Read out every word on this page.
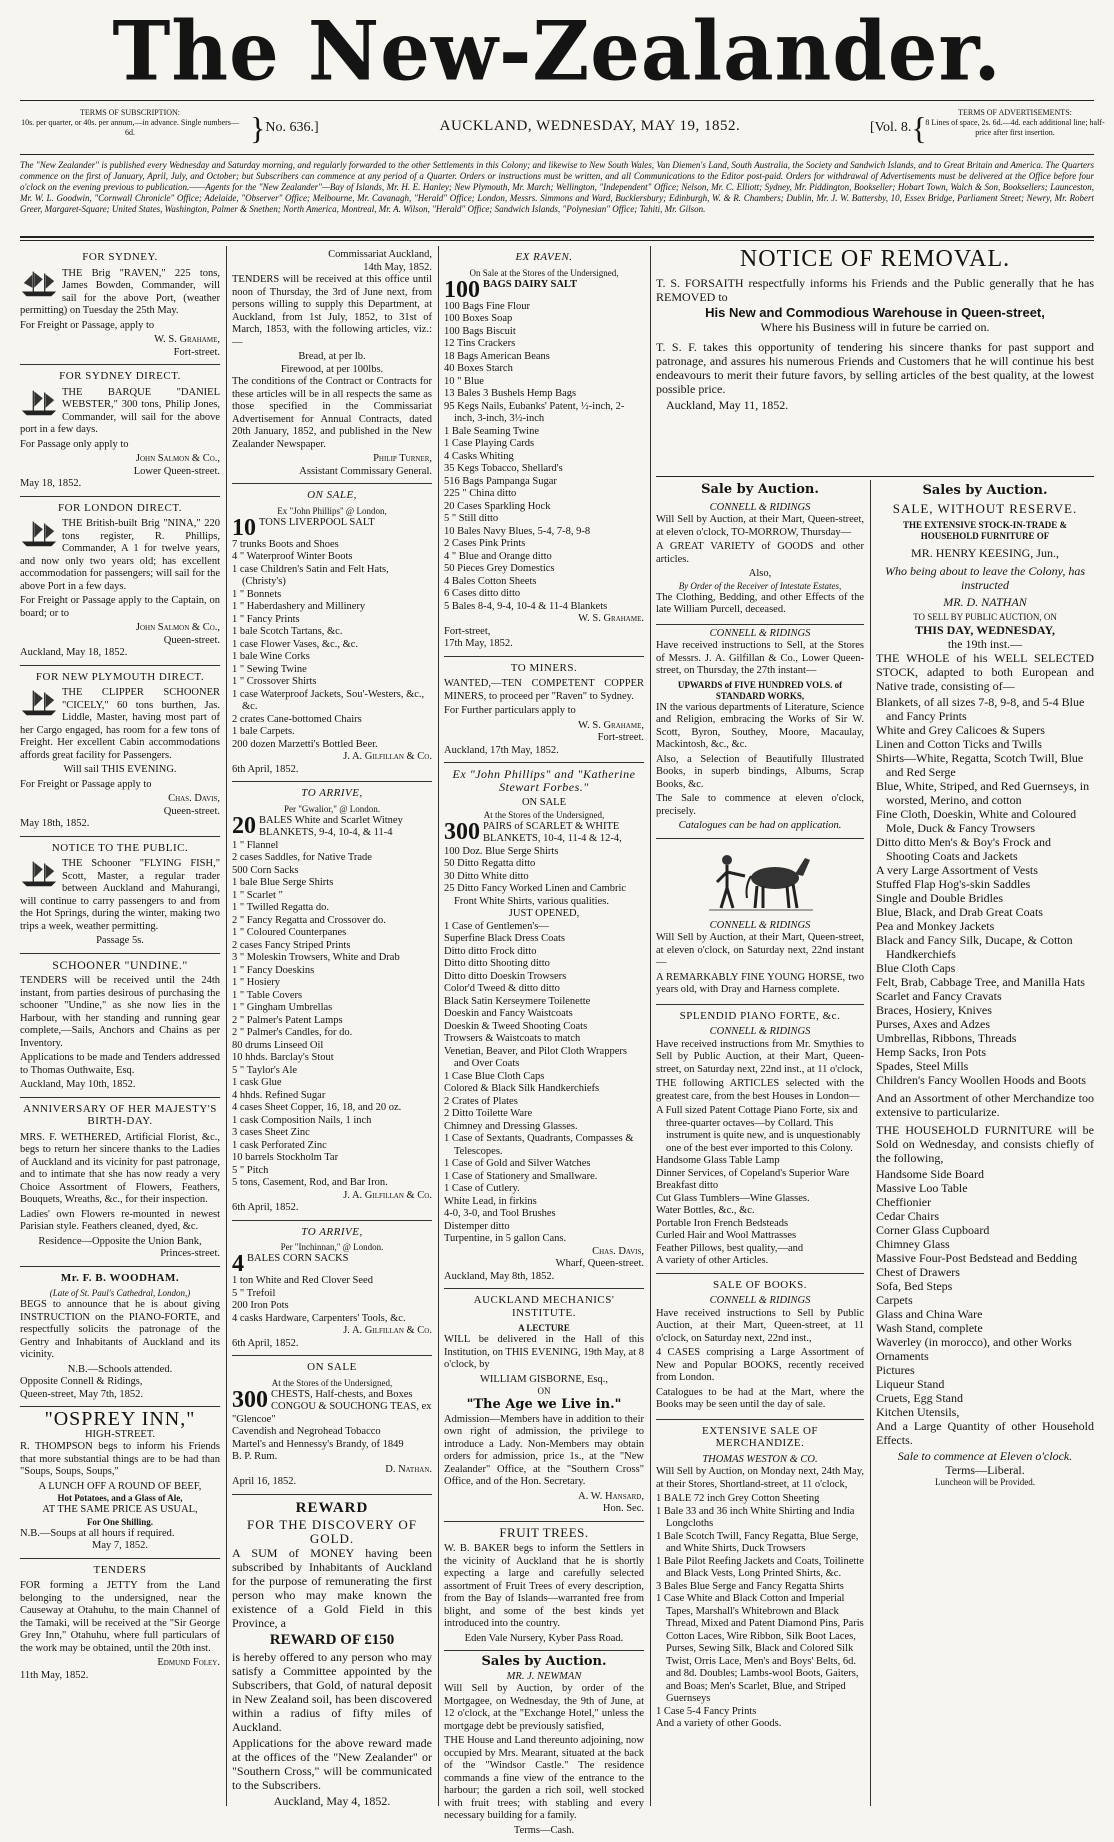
The New-Zealander.
TERMS OF SUBSCRIPTION:
10s. per quarter, or 40s. per annum,—in advance. Single numbers—6d.	}No. 636.]	AUCKLAND, WEDNESDAY, MAY 19, 1852.	[Vol. 8.{	TERMS OF ADVERTISEMENTS:
8 Lines of space, 2s. 6d.—4d. each additional line; half-price after first insertion.
The "New Zealander" is published every Wednesday and Saturday morning, and regularly forwarded to the other Settlements in this Colony; and likewise to New South Wales, Van Diemen's Land, South Australia, the Society and Sandwich Islands, and to Great Britain and America. The Quarters commence on the first of January, April, July, and October; but Subscribers can commence at any period of a Quarter. Orders or instructions must be written, and all Communications to the Editor post-paid. Orders for withdrawal of Advertisements must be delivered at the Office before four o'clock on the evening previous to publication.——Agents for the "New Zealander"—Bay of Islands, Mr. H. E. Hanley; New Plymouth, Mr. March; Wellington, "Independent" Office; Nelson, Mr. C. Elliott; Sydney, Mr. Piddington, Bookseller; Hobart Town, Walch & Son, Booksellers; Launceston, Mr. W. L. Goodwin, "Cornwall Chronicle" Office; Adelaide, "Observer" Office; Melbourne, Mr. Cavanagh, "Herald" Office; London, Messrs. Simmons and Ward, Bucklersbury; Edinburgh, W. & R. Chambers; Dublin, Mr. J. W. Battersby, 10, Essex Bridge, Parliament Street; Newry, Mr. Robert Greer, Margaret-Square; United States, Washington, Palmer & Snethen; North America, Montreal, Mr. A. Wilson, "Herald" Office; Sandwich Islands, "Polynesian" Office; Tahiti, Mr. Gilson.
FOR SYDNEY.

THE Brig "RAVEN," 225 tons, James Bowden, Commander, will sail for the above Port, (weather permitting) on Tuesday the 25th May.

For Freight or Passage, apply to

W. S. Grahame,
Fort-street.
FOR SYDNEY DIRECT.

THE BARQUE "DANIEL WEBSTER," 300 tons, Philip Jones, Commander, will sail for the above port in a few days.

For Passage only apply to

John Salmon & Co.,
Lower Queen-street.
May 18, 1852.
FOR LONDON DIRECT.

THE British-built Brig "NINA," 220 tons register, R. Phillips, Commander, A 1 for twelve years, and now only two years old; has excellent accommodation for passengers; will sail for the above Port in a few days.

For Freight or Passage apply to the Captain, on board; or to

John Salmon & Co.,
Queen-street.
Auckland, May 18, 1852.
FOR NEW PLYMOUTH DIRECT.

THE CLIPPER SCHOONER "CICELY," 60 tons burthen, Jas. Liddle, Master, having most part of her Cargo engaged, has room for a few tons of Freight. Her excellent Cabin accommodations affords great facility for Passengers.

Will sail THIS EVENING.

For Freight or Passage apply to

Chas. Davis,
Queen-street.
May 18th, 1852.
NOTICE TO THE PUBLIC.

THE Schooner "FLYING FISH," Scott, Master, a regular trader between Auckland and Mahurangi, will continue to carry passengers to and from the Hot Springs, during the winter, making two trips a week, weather permitting.

Passage 5s.
SCHOONER "UNDINE."

TENDERS will be received until the 24th instant, from parties desirous of purchasing the schooner "Undine," as she now lies in the Harbour, with her standing and running gear complete,—Sails, Anchors and Chains as per Inventory.

Applications to be made and Tenders addressed to Thomas Outhwaite, Esq.

Auckland, May 10th, 1852.
ANNIVERSARY OF HER MAJESTY'S BIRTH-DAY.

MRS. F. WETHERED, Artificial Florist, &c., begs to return her sincere thanks to the Ladies of Auckland and its vicinity for past patronage, and to intimate that she has now ready a very Choice Assortment of Flowers, Feathers, Bouquets, Wreaths, &c., for their inspection.

Ladies' own Flowers re-mounted in newest Parisian style. Feathers cleaned, dyed, &c.

Residence—Opposite the Union Bank,
Princes-street.
Mr. F. B. WOODHAM.
(Late of St. Paul's Cathedral, London,)

BEGS to announce that he is about giving INSTRUCTION on the PIANO-FORTE, and respectfully solicits the patronage of the Gentry and Inhabitants of Auckland and its vicinity.

N.B.—Schools attended.
Opposite Connell & Ridings,
Queen-street, May 7th, 1852.
"OSPREY INN,"
HIGH-STREET.

R. THOMPSON begs to inform his Friends that more substantial things are to be had than "Soups, Soups, Soups,"

A LUNCH OFF A ROUND OF BEEF,
Hot Potatoes, and a Glass of Ale,
AT THE SAME PRICE AS USUAL,
For One Shilling.
N.B.—Soups at all hours if required.
May 7, 1852.
TENDERS

FOR forming a JETTY from the Land belonging to the undersigned, near the Causeway at Otahuhu, to the main Channel of the Tamaki, will be received at the "Sir George Grey Inn," Otahuhu, where full particulars of the work may be obtained, until the 20th inst.

Edmund Foley.
11th May, 1852.
Commissariat Auckland,
14th May, 1852.

TENDERS will be received at this office until noon of Thursday, the 3rd of June next, from persons willing to supply this Department, at Auckland, from 1st July, 1852, to 31st of March, 1853, with the following articles, viz.:—

Bread, at per lb.
Firewood, at per 100lbs.

The conditions of the Contract or Contracts for these articles will be in all respects the same as those specified in the Commissariat Advertisement for Annual Contracts, dated 20th January, 1852, and published in the New Zealander Newspaper.

Philip Turner,
Assistant Commissary General.
ON SALE,
Ex "John Phillips" @ London,
10 TONS LIVERPOOL SALT
7 trunks Boots and Shoes
4 " Waterproof Winter Boots
1 case Children's Satin and Felt Hats, (Christy's)
1 " Bonnets
1 " Haberdashery and Millinery
1 " Fancy Prints
1 bale Scotch Tartans, &c.
1 case Flower Vases, &c., &c.
1 bale Wine Corks
1 " Sewing Twine
1 " Crossover Shirts
1 case Waterproof Jackets, Sou'-Westers, &c., &c.
2 crates Cane-bottomed Chairs
1 bale Carpets.
200 dozen Marzetti's Bottled Beer.
J. A. Gilfillan & Co.
6th April, 1852.
TO ARRIVE,
Per "Gwalior," @ London.
20 BALES White and Scarlet Witney BLANKETS, 9-4, 10-4, & 11-4
1 " Flannel
2 cases Saddles, for Native Trade
500 Corn Sacks
1 bale Blue Serge Shirts
1 " Scarlet "
1 " Twilled Regatta do.
2 " Fancy Regatta and Crossover do.
1 " Coloured Counterpanes
2 cases Fancy Striped Prints
3 " Moleskin Trowsers, White and Drab
1 " Fancy Doeskins
1 " Hosiery
1 " Table Covers
1 " Gingham Umbrellas
2 " Palmer's Patent Lamps
2 " Palmer's Candles, for do.
80 drums Linseed Oil
10 hhds. Barclay's Stout
5 " Taylor's Ale
1 cask Glue
4 hhds. Refined Sugar
4 cases Sheet Copper, 16, 18, and 20 oz.
1 cask Composition Nails, 1 inch
3 cases Sheet Zinc
1 cask Perforated Zinc
10 barrels Stockholm Tar
5 " Pitch
5 tons, Casement, Rod, and Bar Iron.
J. A. Gilfillan & Co.
6th April, 1852.
TO ARRIVE,
Per "Inchinnan," @ London.
4 BALES CORN SACKS
1 ton White and Red Clover Seed
5 " Trefoil
200 Iron Pots
4 casks Hardware, Carpenters' Tools, &c.
J. A. Gilfillan & Co.
6th April, 1852.
ON SALE
At the Stores of the Undersigned,
300 CHESTS, Half-chests, and Boxes CONGOU & SOUCHONG TEAS, ex "Glencoe"
Cavendish and Negrohead Tobacco
Martel's and Hennessy's Brandy, of 1849
B. P. Rum.
D. Nathan.
April 16, 1852.
REWARD
FOR THE DISCOVERY OF GOLD.

A SUM of MONEY having been subscribed by Inhabitants of Auckland for the purpose of remunerating the first person who may make known the existence of a Gold Field in this Province, a

REWARD OF £150

is hereby offered to any person who may satisfy a Committee appointed by the Subscribers, that Gold, of natural deposit in New Zealand soil, has been discovered within a radius of fifty miles of Auckland.

Applications for the above reward made at the offices of the "New Zealander" or "Southern Cross," will be communicated to the Subscribers.

Auckland, May 4, 1852.
EX RAVEN.
On Sale at the Stores of the Undersigned,
100 BAGS DAIRY SALT
100 Bags Fine Flour
100 Boxes Soap
100 Bags Biscuit
12 Tins Crackers
18 Bags American Beans
40 Boxes Starch
10 " Blue
13 Bales 3 Bushels Hemp Bags
95 Kegs Nails, Eubanks' Patent, ½-inch, 2-inch, 3-inch, 3½-inch
1 Bale Seaming Twine
1 Case Playing Cards
4 Casks Whiting
35 Kegs Tobacco, Shellard's
516 Bags Pampanga Sugar
225 " China ditto
20 Cases Sparkling Hock
5 " Still ditto
10 Bales Navy Blues, 5-4, 7-8, 9-8
2 Cases Pink Prints
4 " Blue and Orange ditto
50 Pieces Grey Domestics
4 Bales Cotton Sheets
6 Cases ditto ditto
5 Bales 8-4, 9-4, 10-4 & 11-4 Blankets
W. S. Grahame.
Fort-street,
17th May, 1852.
TO MINERS.

WANTED,—TEN COMPETENT COPPER MINERS, to proceed per "Raven" to Sydney.

For Further particulars apply to

W. S. Grahame,
Fort-street.
Auckland, 17th May, 1852.
Ex "John Phillips" and "Katherine Stewart Forbes."
ON SALE
At the Stores of the Undersigned,
300 PAIRS of SCARLET & WHITE BLANKETS, 10-4, 11-4 & 12-4,
100 Doz. Blue Serge Shirts
50 Ditto Regatta ditto
30 Ditto White ditto
25 Ditto Fancy Worked Linen and Cambric Front White Shirts, various qualities.
JUST OPENED,
1 Case of Gentlemen's—
Superfine Black Dress Coats
Ditto ditto Frock ditto
Ditto ditto Shooting ditto
Ditto ditto Doeskin Trowsers
Color'd Tweed & ditto ditto
Black Satin Kerseymere Toilenette
Doeskin and Fancy Waistcoats
Doeskin & Tweed Shooting Coats
Trowsers & Waistcoats to match
Venetian, Beaver, and Pilot Cloth Wrappers and Over Coats
1 Case Blue Cloth Caps
Colored & Black Silk Handkerchiefs
2 Crates of Plates
2 Ditto Toilette Ware
Chimney and Dressing Glasses.
1 Case of Sextants, Quadrants, Compasses & Telescopes.
1 Case of Gold and Silver Watches
1 Case of Stationery and Smallware.
1 Case of Cutlery.
White Lead, in firkins
4-0, 3-0, and Tool Brushes
Distemper ditto
Turpentine, in 5 gallon Cans.
Chas. Davis,
Wharf, Queen-street.
Auckland, May 8th, 1852.
AUCKLAND MECHANICS' INSTITUTE.
A LECTURE

WILL be delivered in the Hall of this Institution, on THIS EVENING, 19th May, at 8 o'clock, by

WILLIAM GISBORNE, Esq.,
ON
"The Age we Live in."

Admission—Members have in addition to their own right of admission, the privilege to introduce a Lady. Non-Members may obtain orders for admission, price 1s., at the "New Zealander" Office, at the "Southern Cross" Office, and of the Hon. Secretary.

A. W. Hansard,
Hon. Sec.
FRUIT TREES.

W. B. BAKER begs to inform the Settlers in the vicinity of Auckland that he is shortly expecting a large and carefully selected assortment of Fruit Trees of every description, from the Bay of Islands—warranted free from blight, and some of the best kinds yet introduced into the country.

Eden Vale Nursery, Kyber Pass Road.
Sales by Auction.
MR. J. NEWMAN

Will Sell by Auction, by order of the Mortgagee, on Wednesday, the 9th of June, at 12 o'clock, at the "Exchange Hotel," unless the mortgage debt be previously satisfied,

THE House and Land thereunto adjoining, now occupied by Mrs. Mearant, situated at the back of the "Windsor Castle." The residence commands a fine view of the entrance to the harbour; the garden a rich soil, well stocked with fruit trees; with stabling and every necessary building for a family.

Terms—Cash.
NOTICE OF REMOVAL.

T. S. FORSAITH respectfully informs his Friends and the Public generally that he has REMOVED to

His New and Commodious Warehouse in Queen-street,
Where his Business will in future be carried on.

T. S. F. takes this opportunity of tendering his sincere thanks for past support and patronage, and assures his numerous Friends and Customers that he will continue his best endeavours to merit their future favors, by selling articles of the best quality, at the lowest possible price.

Auckland, May 11, 1852.
Sale by Auction.
CONNELL & RIDINGS

Will Sell by Auction, at their Mart, Queen-street, at eleven o'clock, TO-MORROW, Thursday—

A GREAT VARIETY of GOODS and other articles.

Also,
By Order of the Receiver of Intestate Estates,

The Clothing, Bedding, and other Effects of the late William Purcell, deceased.

CONNELL & RIDINGS

Have received instructions to Sell, at the Stores of Messrs. J. A. Gilfillan & Co., Lower Queen-street, on Thursday, the 27th instant—

UPWARDS of FIVE HUNDRED VOLS. of STANDARD WORKS,

IN the various departments of Literature, Science and Religion, embracing the Works of Sir W. Scott, Byron, Southey, Moore, Macaulay, Mackintosh, &c., &c.

Also, a Selection of Beautifully Illustrated Books, in superb bindings, Albums, Scrap Books, &c.

The Sale to commence at eleven o'clock, precisely.

Catalogues can be had on application.
CONNELL & RIDINGS

Will Sell by Auction, at their Mart, Queen-street, at eleven o'clock, on Saturday next, 22nd instant—

A REMARKABLY FINE YOUNG HORSE, two years old, with Dray and Harness complete.

SPLENDID PIANO FORTE, &c.
CONNELL & RIDINGS

Have received instructions from Mr. Smythies to Sell by Public Auction, at their Mart, Queen-street, on Saturday next, 22nd inst., at 11 o'clock,

THE following ARTICLES selected with the greatest care, from the best Houses in London—

A Full sized Patent Cottage Piano Forte, six and three-quarter octaves—by Collard. This instrument is quite new, and is unquestionably one of the best ever imported to this Colony.
Handsome Glass Table Lamp
Dinner Services, of Copeland's Superior Ware
Breakfast ditto
Cut Glass Tumblers—Wine Glasses.
Water Bottles, &c., &c.
Portable Iron French Bedsteads
Curled Hair and Wool Mattrasses
Feather Pillows, best quality,—and
A variety of other Articles.
SALE OF BOOKS.
CONNELL & RIDINGS

Have received instructions to Sell by Public Auction, at their Mart, Queen-street, at 11 o'clock, on Saturday next, 22nd inst.,

4 CASES comprising a Large Assortment of New and Popular BOOKS, recently received from London.

Catalogues to be had at the Mart, where the Books may be seen until the day of sale.

EXTENSIVE SALE OF MERCHANDIZE.
THOMAS WESTON & CO.

Will Sell by Auction, on Monday next, 24th May, at their Stores, Shortland-street, at 11 o'clock,

1 BALE 72 inch Grey Cotton Sheeting
1 Bale 33 and 36 inch White Shirting and India Longcloths
1 Bale Scotch Twill, Fancy Regatta, Blue Serge, and White Shirts, Duck Trowsers
1 Bale Pilot Reefing Jackets and Coats, Toilinette and Black Vests, Long Printed Shirts, &c.
3 Bales Blue Serge and Fancy Regatta Shirts
1 Case White and Black Cotton and Imperial Tapes, Marshall's Whitebrown and Black Thread, Mixed and Patent Diamond Pins, Paris Cotton Laces, Wire Ribbon, Silk Boot Laces, Purses, Sewing Silk, Black and Colored Silk Twist, Orris Lace, Men's and Boys' Belts, 6d. and 8d. Doubles; Lambs-wool Boots, Gaiters, and Boas; Men's Scarlet, Blue, and Striped Guernseys
1 Case 5-4 Fancy Prints
And a variety of other Goods.
Sales by Auction.
SALE, WITHOUT RESERVE.
THE EXTENSIVE STOCK-IN-TRADE & HOUSEHOLD FURNITURE OF
MR. HENRY KEESING, Jun.,
Who being about to leave the Colony, has instructed
MR. D. NATHAN
TO SELL BY PUBLIC AUCTION, ON
THIS DAY, WEDNESDAY,
the 19th inst.—

THE WHOLE of his WELL SELECTED STOCK, adapted to both European and Native trade, consisting of—

Blankets, of all sizes 7-8, 9-8, and 5-4 Blue and Fancy Prints
White and Grey Calicoes & Supers
Linen and Cotton Ticks and Twills
Shirts—White, Regatta, Scotch Twill, Blue and Red Serge
Blue, White, Striped, and Red Guernseys, in worsted, Merino, and cotton
Fine Cloth, Doeskin, White and Coloured Mole, Duck & Fancy Trowsers
Ditto ditto Men's & Boy's Frock and Shooting Coats and Jackets
A very Large Assortment of Vests
Stuffed Flap Hog's-skin Saddles
Single and Double Bridles
Blue, Black, and Drab Great Coats
Pea and Monkey Jackets
Black and Fancy Silk, Ducape, & Cotton Handkerchiefs
Blue Cloth Caps
Felt, Brab, Cabbage Tree, and Manilla Hats
Scarlet and Fancy Cravats
Braces, Hosiery, Knives
Purses, Axes and Adzes
Umbrellas, Ribbons, Threads
Hemp Sacks, Iron Pots
Spades, Steel Mills
Children's Fancy Woollen Hoods and Boots

And an Assortment of other Merchandize too extensive to particularize.

THE HOUSEHOLD FURNITURE will be Sold on Wednesday, and consists chiefly of the following,

Handsome Side Board
Massive Loo Table
Cheffionier
Cedar Chairs
Corner Glass Cupboard
Chimney Glass
Massive Four-Post Bedstead and Bedding
Chest of Drawers
Sofa, Bed Steps
Carpets
Glass and China Ware
Wash Stand, complete
Waverley (in morocco), and other Works
Ornaments
Pictures
Liqueur Stand
Cruets, Egg Stand
Kitchen Utensils,

And a Large Quantity of other Household Effects.

Sale to commence at Eleven o'clock.
Terms—Liberal.
Luncheon will be Provided.
